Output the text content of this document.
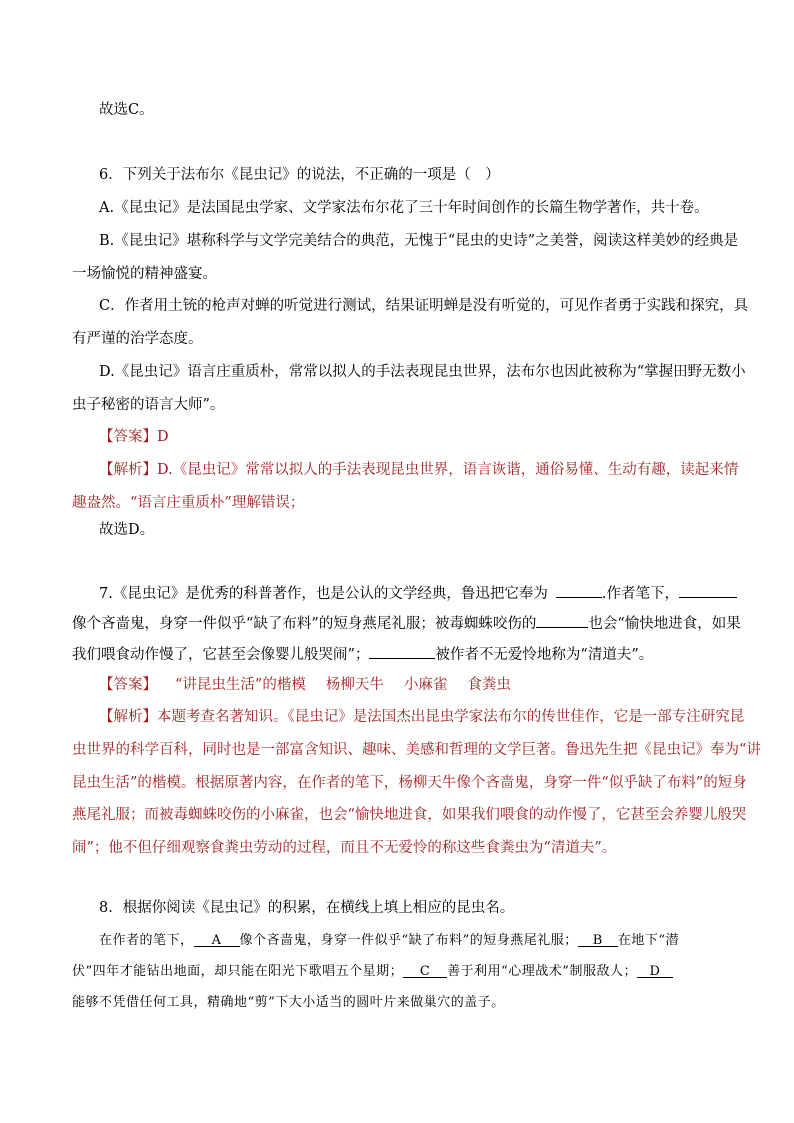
故选C。
6．下列关于法布尔《昆虫记》的说法，不正确的一项是（　）
A.《昆虫记》是法国昆虫学家、文学家法布尔花了三十年时间创作的长篇生物学著作，共十卷。
B.《昆虫记》堪称科学与文学完美结合的典范，无愧于“昆虫的史诗”之美誉，阅读这样美妙的经典是
一场愉悦的精神盛宴。
C．作者用土铳的枪声对蝉的听觉进行测试，结果证明蝉是没有听觉的，可见作者勇于实践和探究，具
有严谨的治学态度。
D.《昆虫记》语言庄重质朴，常常以拟人的手法表现昆虫世界，法布尔也因此被称为“掌握田野无数小
虫子秘密的语言大师”。
【答案】D
【解析】D.《昆虫记》常常以拟人的手法表现昆虫世界，语言诙谐，通俗易懂、生动有趣，读起来情
趣盎然。“语言庄重质朴”理解错误；
故选D。
7.《昆虫记》是优秀的科普著作，也是公认的文学经典，鲁迅把它奉为	.作者笔下，
像个吝啬鬼，身穿一件似乎“缺了布料”的短身燕尾礼服；被毒蜘蛛咬伤的	也会“愉快地进食，如果
我们喂食动作慢了，它甚至会像婴儿般哭闹”；	被作者不无爱怜地称为“清道夫”。
【答案】 “讲昆虫生活”的楷模 杨柳天牛 小麻雀 食粪虫
【解析】本题考查名著知识。《昆虫记》是法国杰出昆虫学家法布尔的传世佳作，它是一部专注研究昆
虫世界的科学百科，同时也是一部富含知识、趣味、美感和哲理的文学巨著。鲁迅先生把《昆虫记》奉为“讲
昆虫生活”的楷模。根据原著内容，在作者的笔下，杨柳天牛像个吝啬鬼，身穿一件“似乎缺了布料”的短身
燕尾礼服；而被毒蜘蛛咬伤的小麻雀，也会“愉快地进食，如果我们喂食的动作慢了，它甚至会养婴儿般哭
闹”；他不但仔细观察食粪虫劳动的过程，而且不无爱怜的称这些食粪虫为“清道夫”。
8．根据你阅读《昆虫记》的积累，在横线上填上相应的昆虫名。
在作者的笔下， A 像个吝啬鬼，身穿一件似乎“缺了布料”的短身燕尾礼服； B 在地下“潜
伏”四年才能钻出地面，却只能在阳光下歌唱五个星期； C 善于利用“心理战术”制服敌人； D
能够不凭借任何工具，精确地“剪”下大小适当的圆叶片来做巢穴的盖子。
